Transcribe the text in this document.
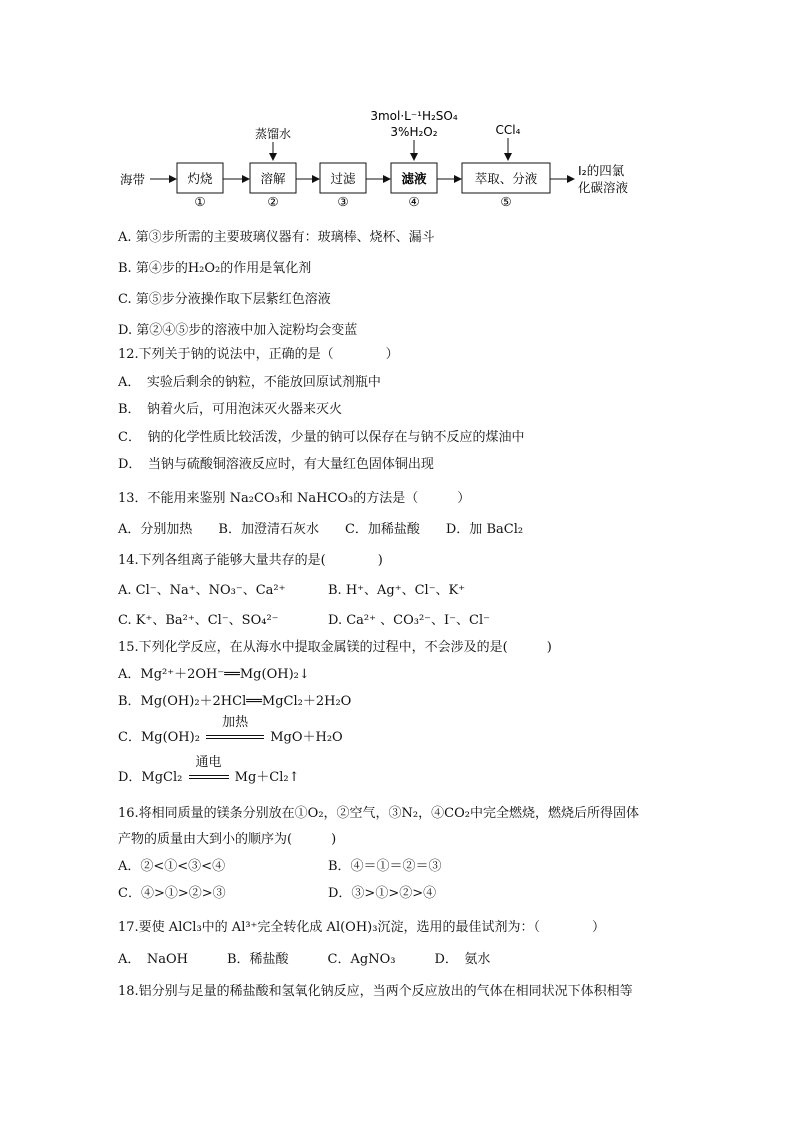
3mol·L⁻¹H₂SO₄
3%H₂O₂
蒸馏水	CCl₄
海带	灼烧
①
溶解
②
过滤
③
滤液
④
萃取、分液
⑤
I₂的四氯
化碳溶液
A. 第③步所需的主要玻璃仪器有：玻璃棒、烧杯、漏斗
B. 第④步的H₂O₂的作用是氧化剂
C. 第⑤步分液操作取下层紫红色溶液
D. 第②④⑤步的溶液中加入淀粉均会变蓝
12.下列关于钠的说法中，正确的是（　　　　）
A．　实验后剩余的钠粒，不能放回原试剂瓶中
B．　钠着火后，可用泡沫灭火器来灭火
C．　钠的化学性质比较活泼，少量的钠可以保存在与钠不反应的煤油中
D．　当钠与硫酸铜溶液反应时，有大量红色固体铜出现
13．不能用来鉴别 Na₂CO₃和 NaHCO₃的方法是（　　　）
A．分别加热　　B．加澄清石灰水　　C．加稀盐酸　　D．加 BaCl₂
14.下列各组离子能够大量共存的是(　　　　)
A. Cl⁻、Na⁺、NO₃⁻、Ca²⁺	B. H⁺、Ag⁺、Cl⁻、K⁺
C. K⁺、Ba²⁺、Cl⁻、SO₄²⁻	D. Ca²⁺ 、CO₃²⁻、I⁻、Cl⁻
15.下列化学反应，在从海水中提取金属镁的过程中，不会涉及的是(　　　)
A．Mg²⁺＋2OH⁻══Mg(OH)₂↓
B．Mg(OH)₂＋2HCl══MgCl₂＋2H₂O
C．Mg(OH)₂
加热
MgO＋H₂O
D．MgCl₂
通电
Mg＋Cl₂↑
16.将相同质量的镁条分别放在①O₂，②空气，③N₂，④CO₂中完全燃烧，燃烧后所得固体
产物的质量由大到小的顺序为(　　　)
A．②<①<③<④	B．④＝①＝②＝③
C．④>①>②>③	D．③>①>②>④
17.要使 AlCl₃中的 Al³⁺完全转化成 Al(OH)₃沉淀，选用的最佳试剂为：（　　　　）
A．　NaOH　　　B．稀盐酸　　　C．AgNO₃　　　D．　氨水
18.铝分别与足量的稀盐酸和氢氧化钠反应，当两个反应放出的气体在相同状况下体积相等
